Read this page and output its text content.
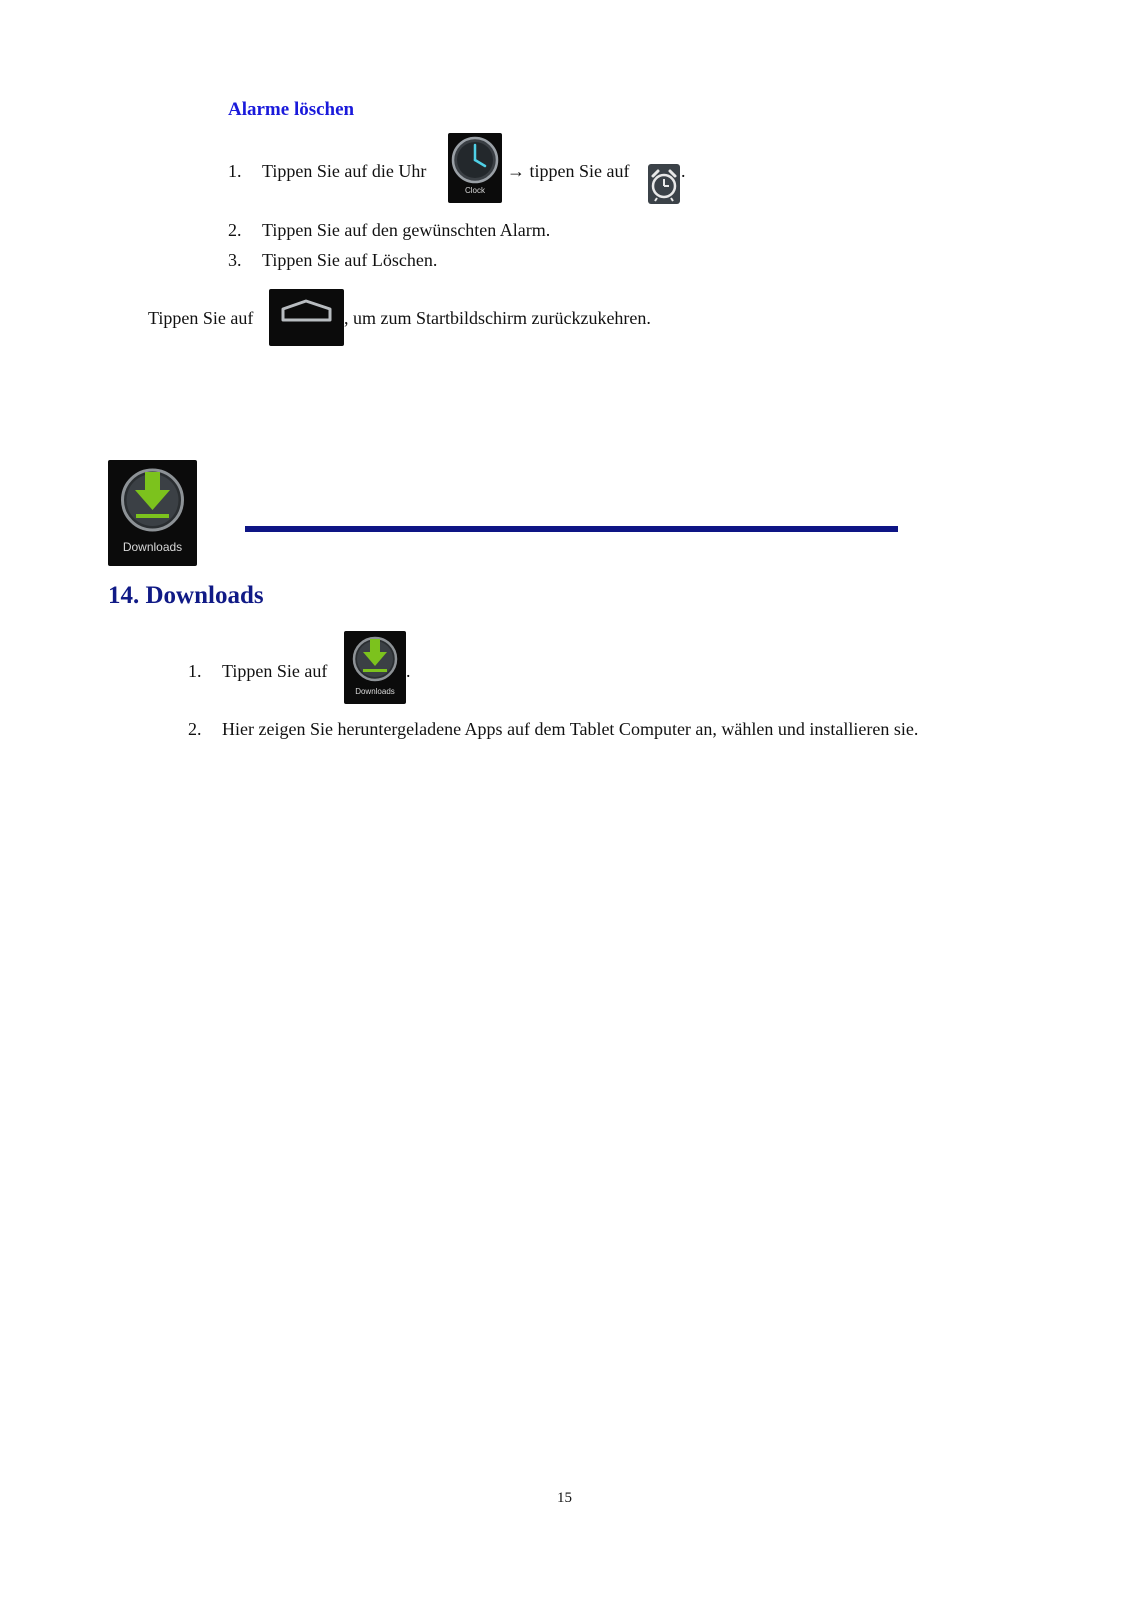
Alarme löschen
1. Tippen Sie auf die Uhr
Clock
→ tippen Sie auf	.
2. Tippen Sie auf den gewünschten Alarm.
3. Tippen Sie auf Löschen.
Tippen Sie auf	, um zum Startbildschirm zurückzukehren.
Downloads
14. Downloads
1. Tippen Sie auf
Downloads
.
2. Hier zeigen Sie heruntergeladene Apps auf dem Tablet Computer an, wählen und installieren sie.
15
